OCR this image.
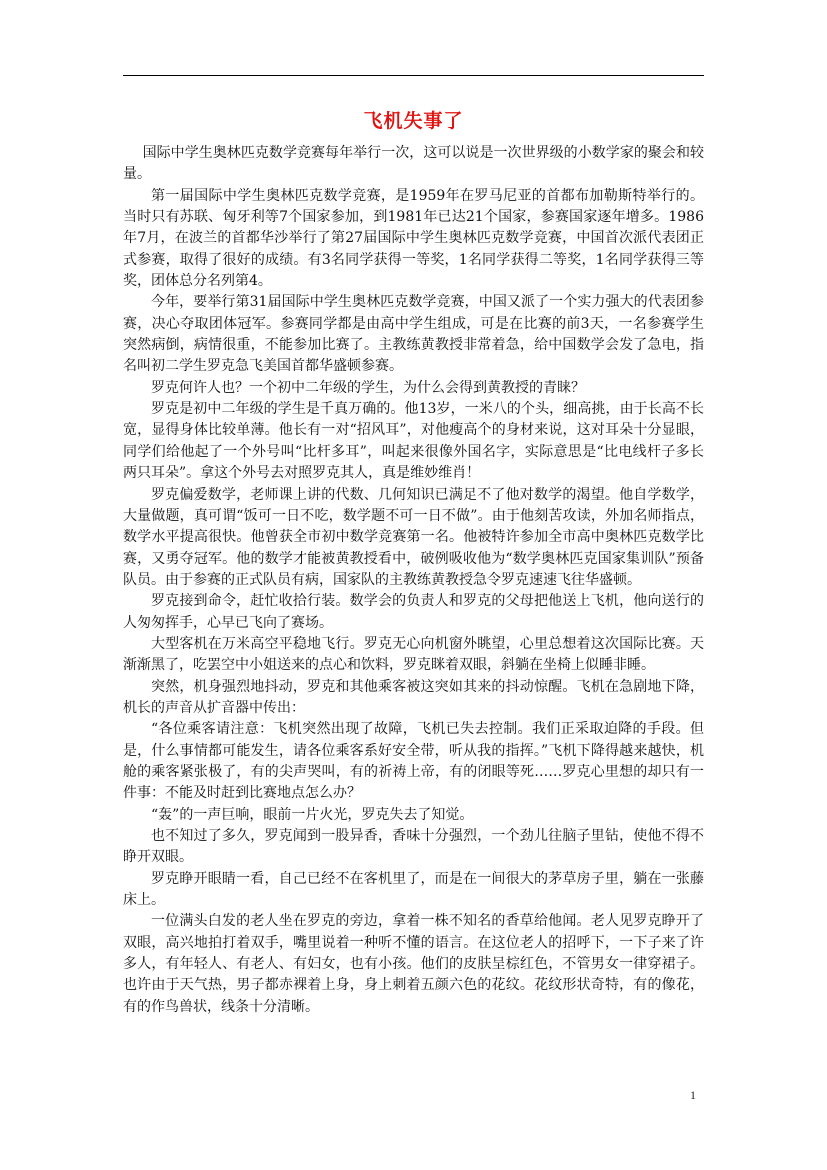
飞机失事了

国际中学生奥林匹克数学竞赛每年举行一次，这可以说是一次世界级的小数学家的聚会和较量。

第一届国际中学生奥林匹克数学竞赛，是1959年在罗马尼亚的首都布加勒斯特举行的。当时只有苏联、匈牙利等7个国家参加，到1981年已达21个国家，参赛国家逐年增多。1986年7月，在波兰的首都华沙举行了第27届国际中学生奥林匹克数学竞赛，中国首次派代表团正式参赛，取得了很好的成绩。有3名同学获得一等奖，1名同学获得二等奖，1名同学获得三等奖，团体总分名列第4。

今年，要举行第31届国际中学生奥林匹克数学竞赛，中国又派了一个实力强大的代表团参赛，决心夺取团体冠军。参赛同学都是由高中学生组成，可是在比赛的前3天，一名参赛学生突然病倒，病情很重，不能参加比赛了。主教练黄教授非常着急，给中国数学会发了急电，指名叫初二学生罗克急飞美国首都华盛顿参赛。

罗克何许人也？一个初中二年级的学生，为什么会得到黄教授的青睐？

罗克是初中二年级的学生是千真万确的。他13岁，一米八的个头，细高挑，由于长高不长宽，显得身体比较单薄。他长有一对“招风耳”，对他瘦高个的身材来说，这对耳朵十分显眼，同学们给他起了一个外号叫“比杆多耳”，叫起来很像外国名字，实际意思是“比电线杆子多长两只耳朵”。拿这个外号去对照罗克其人，真是维妙维肖！

罗克偏爱数学，老师课上讲的代数、几何知识已满足不了他对数学的渴望。他自学数学，大量做题，真可谓“饭可一日不吃，数学题不可一日不做”。由于他刻苦攻读，外加名师指点，数学水平提高很快。他曾获全市初中数学竞赛第一名。他被特许参加全市高中奥林匹克数学比赛，又勇夺冠军。他的数学才能被黄教授看中，破例吸收他为“数学奥林匹克国家集训队”预备队员。由于参赛的正式队员有病，国家队的主教练黄教授急令罗克速速飞往华盛顿。

罗克接到命令，赶忙收拾行装。数学会的负责人和罗克的父母把他送上飞机，他向送行的人匆匆挥手，心早已飞向了赛场。

大型客机在万米高空平稳地飞行。罗克无心向机窗外眺望，心里总想着这次国际比赛。天渐渐黑了，吃罢空中小姐送来的点心和饮料，罗克眯着双眼，斜躺在坐椅上似睡非睡。

突然，机身强烈地抖动，罗克和其他乘客被这突如其来的抖动惊醒。飞机在急剧地下降，机长的声音从扩音器中传出：

“各位乘客请注意：飞机突然出现了故障，飞机已失去控制。我们正采取迫降的手段。但是，什么事情都可能发生，请各位乘客系好安全带，听从我的指挥。”飞机下降得越来越快，机舱的乘客紧张极了，有的尖声哭叫，有的祈祷上帝，有的闭眼等死……罗克心里想的却只有一件事：不能及时赶到比赛地点怎么办？

“轰”的一声巨响，眼前一片火光，罗克失去了知觉。

也不知过了多久，罗克闻到一股异香，香味十分强烈，一个劲儿往脑子里钻，使他不得不睁开双眼。

罗克睁开眼睛一看，自己已经不在客机里了，而是在一间很大的茅草房子里，躺在一张藤床上。

一位满头白发的老人坐在罗克的旁边，拿着一株不知名的香草给他闻。老人见罗克睁开了双眼，高兴地拍打着双手，嘴里说着一种听不懂的语言。在这位老人的招呼下，一下子来了许多人，有年轻人、有老人、有妇女，也有小孩。他们的皮肤呈棕红色，不管男女一律穿裙子。也许由于天气热，男子都赤裸着上身，身上刺着五颜六色的花纹。花纹形状奇特，有的像花，有的作鸟兽状，线条十分清晰。

1
